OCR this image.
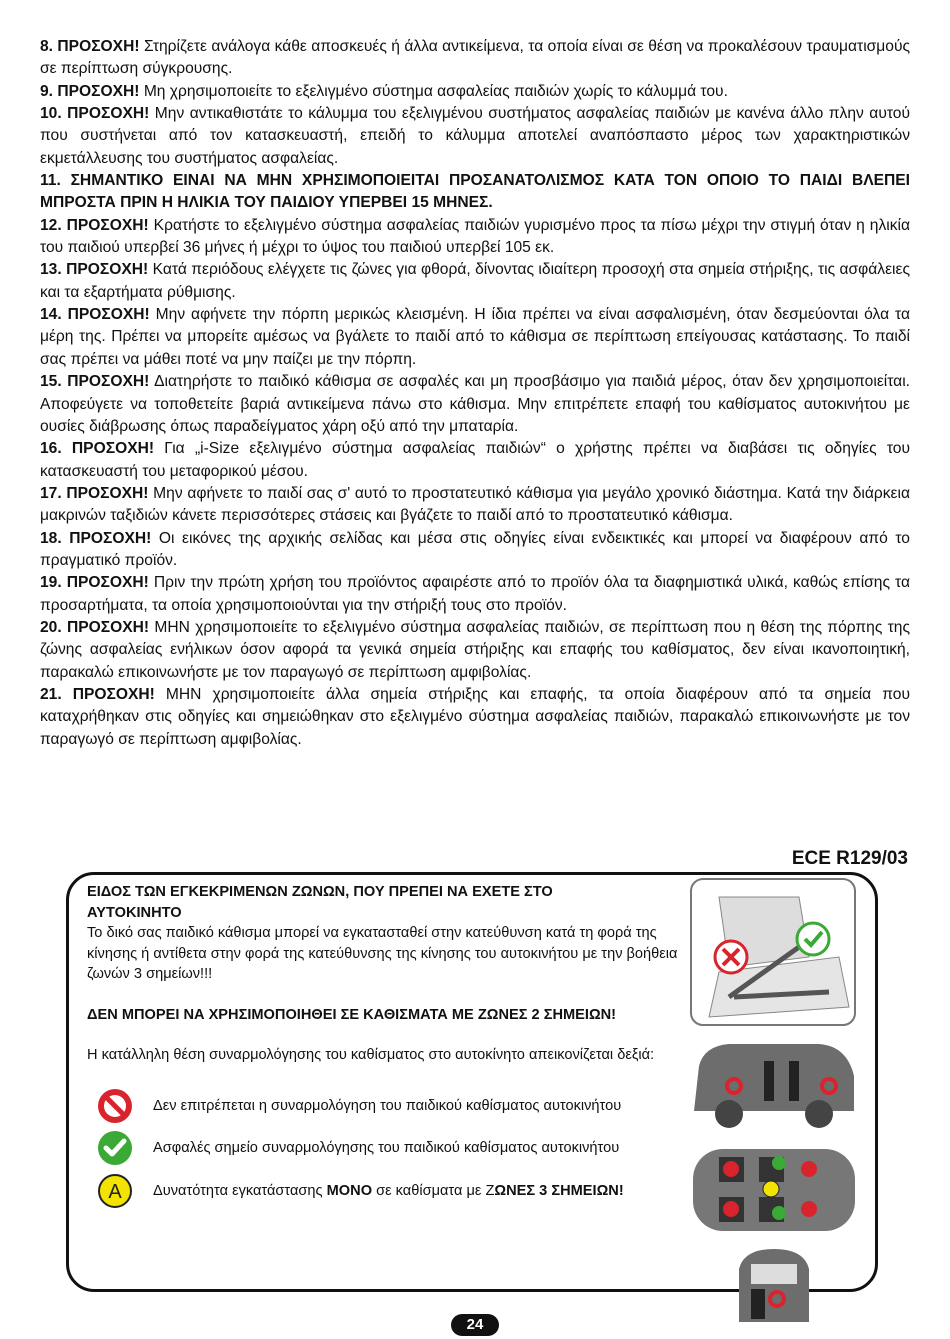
8. ΠΡΟΣΟΧΗ! Στηρίζετε ανάλογα κάθε αποσκευές ή άλλα αντικείμενα, τα οποία είναι σε θέση να προκαλέσουν τραυματισμούς σε περίπτωση σύγκρουσης.

9. ΠΡΟΣΟΧΗ! Μη χρησιμοποιείτε το εξελιγμένο σύστημα ασφαλείας παιδιών χωρίς το κάλυμμά του.

10. ΠΡΟΣΟΧΗ! Μην αντικαθιστάτε το κάλυμμα του εξελιγμένου συστήματος ασφαλείας παιδιών με κανένα άλλο πλην αυτού που συστήνεται από τον κατασκευαστή, επειδή το κάλυμμα αποτελεί αναπόσπαστο μέρος των χαρακτηριστικών εκμετάλλευσης του συστήματος ασφαλείας.

11. ΣΗΜΑΝΤΙΚΟ ΕΙΝΑΙ ΝΑ ΜΗΝ ΧΡΗΣΙΜΟΠΟΙΕΙΤΑΙ ΠΡΟΣΑΝΑΤΟΛΙΣΜΟΣ ΚΑΤΑ ΤΟΝ ΟΠΟΙΟ ΤΟ ΠΑΙΔΙ ΒΛΕΠΕΙ ΜΠΡΟΣΤΑ ΠΡΙΝ Η ΗΛΙΚΙΑ ΤΟΥ ΠΑΙΔΙΟΥ ΥΠΕΡΒΕΙ 15 ΜΗΝΕΣ.

12. ΠΡΟΣΟΧΗ! Κρατήστε το εξελιγμένο σύστημα ασφαλείας παιδιών γυρισμένο προς τα πίσω μέχρι την στιγμή όταν η ηλικία του παιδιού υπερβεί 36 μήνες ή μέχρι το ύψος του παιδιού υπερβεί 105 εκ.

13. ΠΡΟΣΟΧΗ! Κατά περιόδους ελέγχετε τις ζώνες για φθορά, δίνοντας ιδιαίτερη προσοχή στα σημεία στήριξης, τις ασφάλειες και τα εξαρτήματα ρύθμισης.

14. ΠΡΟΣΟΧΗ! Μην αφήνετε την πόρπη μερικώς κλεισμένη. Η ίδια πρέπει να είναι ασφαλισμένη, όταν δεσμεύονται όλα τα μέρη της. Πρέπει να μπορείτε αμέσως να βγάλετε το παιδί από το κάθισμα σε περίπτωση επείγουσας κατάστασης. Το παιδί σας πρέπει να μάθει ποτέ να μην παίζει με την πόρπη.

15. ΠΡΟΣΟΧΗ! Διατηρήστε το παιδικό κάθισμα σε ασφαλές και μη προσβάσιμο για παιδιά μέρος, όταν δεν χρησιμοποιείται. Αποφεύγετε να τοποθετείτε βαριά αντικείμενα πάνω στο κάθισμα. Μην επιτρέπετε επαφή του καθίσματος αυτοκινήτου με ουσίες διάβρωσης όπως παραδείγματος χάρη οξύ από την μπαταρία.

16. ΠΡΟΣΟΧΗ! Για „i-Size εξελιγμένο σύστημα ασφαλείας παιδιών“ ο χρήστης πρέπει να διαβάσει τις οδηγίες του κατασκευαστή του μεταφορικού μέσου.

17. ΠΡΟΣΟΧΗ! Μην αφήνετε το παιδί σας σ' αυτό το προστατευτικό κάθισμα για μεγάλο χρονικό διάστημα. Κατά την διάρκεια μακρινών ταξιδιών κάνετε περισσότερες στάσεις και βγάζετε το παιδί από το προστατευτικό κάθισμα.

18. ΠΡΟΣΟΧΗ! Οι εικόνες της αρχικής σελίδας και μέσα στις οδηγίες είναι ενδεικτικές και μπορεί να διαφέρουν από το πραγματικό προϊόν.

19. ΠΡΟΣΟΧΗ! Πριν την πρώτη χρήση του προϊόντος αφαιρέστε από το προϊόν όλα τα διαφημιστικά υλικά, καθώς επίσης τα προσαρτήματα, τα οποία χρησιμοποιούνται για την στήριξή τους στο προϊόν.

20. ΠΡΟΣΟΧΗ! ΜΗΝ χρησιμοποιείτε το εξελιγμένο σύστημα ασφαλείας παιδιών, σε περίπτωση που η θέση της πόρπης της ζώνης ασφαλείας ενήλικων όσον αφορά τα γενικά σημεία στήριξης και επαφής του καθίσματος, δεν είναι ικανοποιητική, παρακαλώ επικοινωνήστε με τον παραγωγό σε περίπτωση αμφιβολίας.

21. ΠΡΟΣΟΧΗ! ΜΗΝ χρησιμοποιείτε άλλα σημεία στήριξης και επαφής, τα οποία διαφέρουν από τα σημεία που καταχρήθηκαν στις οδηγίες και σημειώθηκαν στο εξελιγμένο σύστημα ασφαλείας παιδιών, παρακαλώ επικοινωνήστε με τον παραγωγό σε περίπτωση αμφιβολίας.

ECE R129/03

ΕΙΔΟΣ ΤΩΝ ΕΓΚΕΚΡΙΜΕΝΩΝ ΖΩΝΩΝ, ΠΟΥ ΠΡΕΠΕΙ ΝΑ ΕΧΕΤΕ ΣΤΟ

ΑΥΤΟΚΙΝΗΤΟ

Το δικό σας παιδικό κάθισμα μπορεί να εγκατασταθεί στην κατεύθυνση κατά τη φορά της κίνησης ή αντίθετα στην φορά της κατεύθυνσης της κίνησης του αυτοκινήτου με την βοήθεια ζωνών 3 σημείων!!!

ΔΕΝ ΜΠΟΡΕΙ ΝΑ ΧΡΗΣΙΜΟΠΟΙΗΘΕΙ ΣΕ ΚΑΘΙΣΜΑΤΑ ΜΕ ΖΩΝΕΣ 2 ΣΗΜΕΙΩΝ!

Η κατάλληλη θέση συναρμολόγησης του καθίσματος στο αυτοκίνητο απεικονίζεται δεξιά:

Δεν επιτρέπεται η συναρμολόγηση του παιδικού καθίσματος αυτοκινήτου

Ασφαλές σημείο συναρμολόγησης του παιδικού καθίσματος αυτοκινήτου

A	Δυνατότητα εγκατάστασης ΜΟΝΟ σε καθίσματα με ΖΩΝΕΣ 3 ΣΗΜΕΙΩΝ!

24
